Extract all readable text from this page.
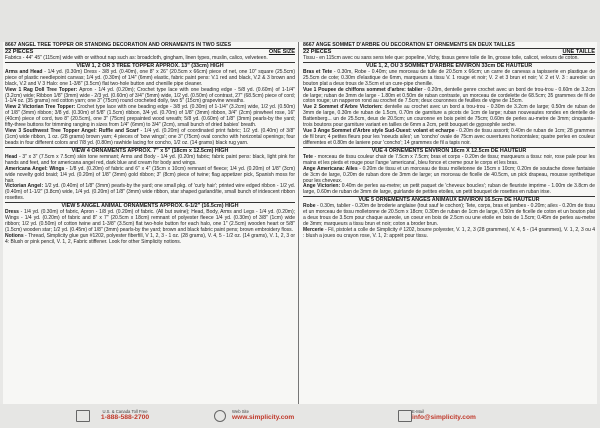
8667 ANGEL TREE TOPPER OR STANDING DECORATION AND ORNAMENTS IN TWO SIZES
22 PIECES	ONE SIZE
Fabrics - 44" 45" (115cm) wide with or without nap such as: broadcloth, gingham, linen types, muslin, calico, velveteen.
VIEW 1, 2 OR 3 TREE TOPPER APPROX. 13" (33cm) HIGH

Arms and Head - 1/4 yd. (0.30m) Dress - 3/8 yd. (0.40m), one 8" x 26" (20.5cm x 66cm) piece of net, one 10" square (25.5cm) piece of plastic needlepoint canvas; 1/4 yd. (0.30m) of 1/4" (6mm) elastic, fabric paint pens: V.1 red and black, V.2 & 3 brown and black, V.2 and V 3 Halo: one 1-3/8" (3.5cm) flat two-hole button and chenille pipe cleaner.

View 1 Rag Doll Tree Topper: Apron - 1/4 yd. (0.20m); Crochet type lace with one beading edge - 5/8 yd. (0.60m) of 1-1/4" (3.2cm) wide; Ribbon 1/8" (3mm) wide - 2/3 yd. (0.60m) of 3/4" (5mm) wide, 1/2 yd. (0.50m) of contrast, 27" (68.5cm) piece of cord; 1-1/4 oz. (35 grams) red cotton yarn; one 3" (75cm) round crocheted doily, two 5" (15cm) grapevine wreaths.

View 2 Victorian Tree Topper: Crochet type lace with one beading edge - 3/8 yd. (0.30m) of 1-1/4" (3.2cm) wide, 1/2 yd. (0.50m) of 1/8" (3mm) ribbon; 3/8 yd. (0.30m) of 5/8" (1.5cm) ribbon, 3/4 yd. (0.70m) of 1/8" (3mm) ribbon, 3/4" (2cm) pinwheel rose, 16" (40cm) piece of cord, two 8" (20.5cm), one 3" (75cm) prepainted wood wreath; 5/8 yd. (0.60m) of 1/8" (3mm) pearls-by the yard; fifty-three buttons for trimming ranging in sizes from 1/4" (6mm) to 3/4" (2cm), small bunch of dried babies' breath.

View 3 Southwest Tree Topper Angel: Ruffle and Scarf - 1/4 yd. (0.20m) of coordinated print fabric; 1/2 yd. (0.40m) of 3/8" (1cm) wide ribbon, 1 oz. (28 grams) brown yarn; 4 pieces of 'bow wings'; one 3" (75cm) oval concho with horizontal openings; four beads in four different colors and 7/8 yd. (0.80m) rawhide lacing for concho, 1/2 oz. (14 grams) black rug yarn.

VIEW 4 ORNAMENTS APPROX. 7" x 5" (18cm x 12.5cm) HIGH

Head - 3" x 3" (7.5cm x 7.5cm) skin tone remnant; Arms and Body - 1/4 yd. (0.20m) fabric; fabric paint pens: black, light pink for hands and feet, and for americana angel red, dark blue and cream for body and wings.

Americana Angel: Wings - 1/8 yd. (0.20m) of fabric and 6" x 4" (15cm x 10cm) remnant of fleece; 1/4 yd. (0.20m) of 1/8" (3cm) wide novelty gold braid; 1/4 yd. (0.20m) of 1/8" (3mm) gold ribbon; 3" (8cm) piece of twine; flag appetizer pick, Spanish moss for hair.

Victorian Angel: 1/2 yd. (0.40m) of 1/8" (3mm) pearls-by the yard; one small pkg. of 'curly hair'; printed wire edged ribbon - 1/2 yd. (0.40m) of 1-1/2" (3.8cm) wide, 1/4 yd. (0.20m) of 1/8" (3mm) wide ribbon, star shaped garland/tie, small bunch of iridescent ribbon rosettes.

VIEW 5 ANGEL ANIMAL ORNAMENTS APPROX. 6-1/2" (16.5cm) HIGH

Dress - 1/4 yd. (0.30m) of fabric, Apron - 1/8 yd. (0.20m) of fabric. (All but swine); Head, Body, Arms and Legs - 1/4 yd. (0.20m); Wings - 1/4 yd. (0.20m) of fabric and 8" x 7" (20.5cm x 18cm) remnant of polyester fleece 1/4 yd. (0.30m) of 3/8" (1cm) wide ribbon; 1/2 yd. (0.50m) of cotton twine and 1-3/8" (3.5cm) flat two-hole button for each halo, one 1" (2.5cm) wooden heart or 5/8" (1.5cm) wooden star; 1/2 yd. (0.45m) of 1/8" (3mm) pearls-by the yard; brown and black fabric paint pens; brown embroidery floss.

Notions - Thread, Simplicity glue gun #1202, polyester fiberfill, V 1, 2, 3 - 1 oz. (28 grams), V. 4, 5 - 1/2 oz. (14 grams), V. 1, 2, 3 or 4: Blush or pink pencil, V. 1, 2, Fabric stiffener. Look for other Simplicity notions.

8667 ANGE SOMMET D'ARBRE OU DECORATION ET ORNEMENTS EN DEUX TAILLES
22 PIECES	UNE TAILLE
Tissu - en 115cm avec ou sans sens tele que: popeline, Vichy, tissus genre toile de lin, grosse toile, calicot, velours de coton.
VUE 1, 2, OU 3 SOMMET D'ARBRE ENVIRON 33cm DE HAUTEUR

Bras et Tete - 0.30m, Robe - 0.40m; une morceau de tulle de 20.5cm x 66cm; un carre de canevas a tapisserie en plastique de 25.5cm de cote; 0.30m d'elastique de 6mm, marqueurs a tissu V. 1 rouge et noir; V. 2 et 3 brun et noir; V. 2 et V. 3 : aureole: un bouton plat a deux trous de 3.5cm et un cure-pipe chenille.

Vue 1 Poupee de chiffons sommet d'arbre: tablier - 0.20m, dentelle genre crochet avec un bord de trou-trou - 0.60m de 3.2cm de large; ruban de 3mm de large - 1.80m et 0.50m de ruban contraste, un morceau de cordelette de 68.5cm; 35 grammes de fil de coton rouge; un napperon rond au crochet de 7.5cm; deux couronnes de feuilles de vigne de 15cm.

Vue 2 Sommet d'Arbre Victorien: dentelle au crochet avec un bord a trou-trou - 0.30m de 3.2cm de large; 0.50m de ruban de 3mm de large, 0.30m de ruban de 1.5cm, 0.70m de garniture a picots de 1cm de large; ruban nouveautes rondes en dentelle de Battenberg... un de 25.5cm, deux de 20.5cm; un couronne en bois peint de 75cm; 0.60m de perles au-metre de 3mm; cinquante-trois boutons pour garniture variant en tailles de 6mm a 2cm, petit bouquet de gypsophile seche.

Vue 3 Ange Sommet d'Arbre style Sud-Ouest: volant et echarpe - 0.20m de tissu assorti; 0.40m de ruban de 1cm; 28 grammes de fil brun; 4 petites fleurs pour les 'noeuds ailes'; un 'concho' ovale de 75cm avec ouvertures horizontales; quatre perles en couleur differentes et 0.80m de laniere pour 'concho'; 14 grammes de fil a tapis noir.

VUE 4 ORNEMENTS ENVIRON 18cm X 12.5cm DE HAUTEUR

Tete - morceau de tissu couleur chair de 7.5cm x 7.5cm; bras et corps - 0.20m de tissu; marqueurs a tissu: noir, rose pale pour les mains et les pieds et rouge pour l'ange 'americana', bleu fonce et creme pour le corps et les bras.

Ange Americana: Ailes - 0.20m de tissu et un morceau de tissu molletonne de 15cm x 10cm; 0.20m de soutache doree fantaisie de 3cm de large, 0.20m de ruban dore de 3mm de large; un morceau de ficelle de 40.5cm, un pick drapeau, mousse synthetique pour les cheveux.

Ange Victorien: 0.40m de perles au-metre; un petit paquet de 'cheveux boucles'; ruban de fleuriste imprime - 1.00m de 3.8cm de large, 0.60m de ruban de 3mm de large, guirlande de petites etoiles, un petit bouquet de rosettes en ruban irise.

VUE 5 ORNEMENTS ANGES ANIMAUX ENVIRON 16.5cm DE HAUTEUR

Robe - 0.30m, tablier - 0.20m de broderie anglaise (tout sauf le cochon); Tete, corps, bras et jambes - 0.20m; ailes - 0.20m de tissu et un morceau de tissu molletonne de 20.5cm x 18cm; 0.30m de ruban de 1cm de large, 0.50m de ficelle de coton et un bouton plat a deux trous de 3.5cm pour chaque aureole, un coeur en bois de 2.5cm ou une etoile en bois de 1.5cm; 0.45m de perles au-metre de 3mm; marqueurs a tissu brun et noir; coton a broder brun.

Mercerie - Fil, pistolet a colle de Simplicity # 1202, bourre polyester, V. 1, 2, 3 (28 grammes), V. 4, 5 - (14 grammes), V. 1, 2, 3 ou 4 : blush a joues ou crayon rose, V. 1, 2: apprét pour tissu.

U.S. & Canada Toll Free
1-888-588-2700
Web Site
www.simplicity.com
E-Mail
info@simplicity.com
